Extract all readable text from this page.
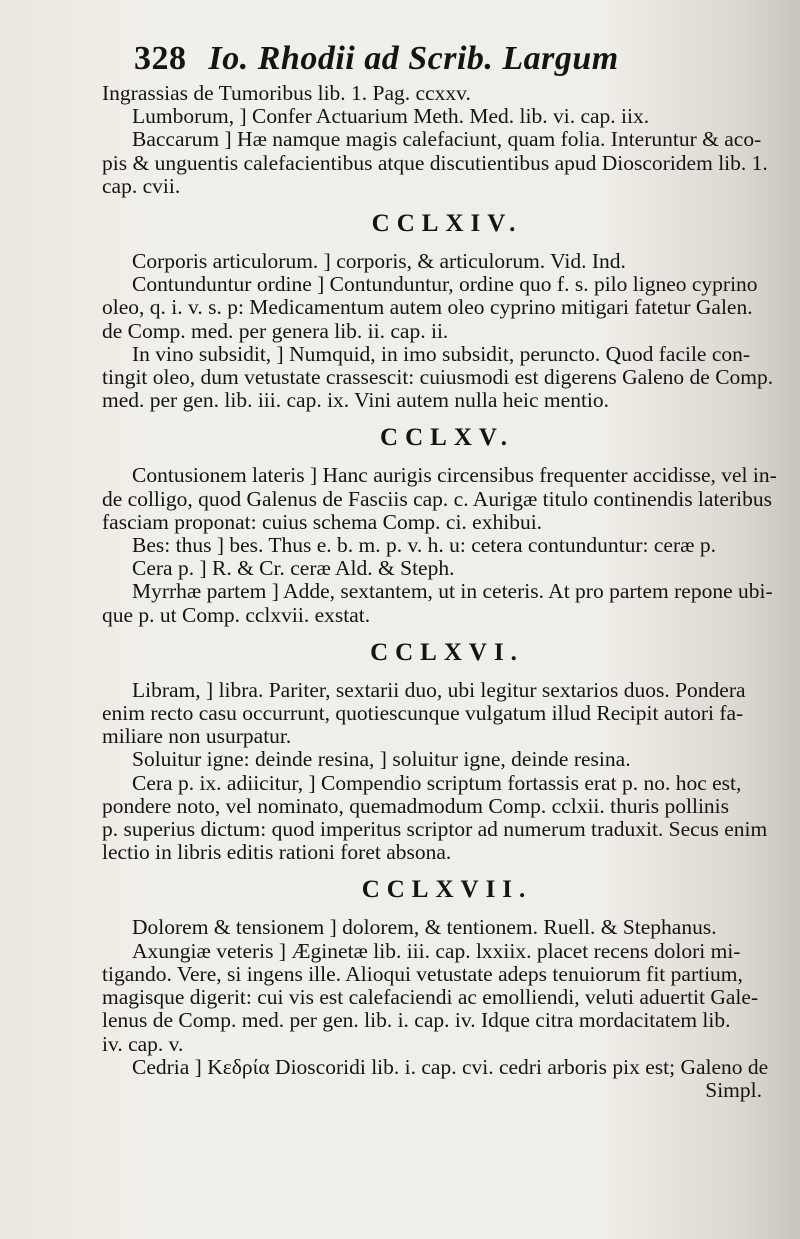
328 Io. Rhodii ad Scrib. Largum
Ingrassias de Tumoribus lib. 1. Pag. ccxxv.
Lumborum, ] Confer Actuarium Meth. Med. lib. vi. cap. iix.
Baccarum ] Hæ namque magis calefaciunt, quam folia. Interuntur & aco-
pis & unguentis calefacientibus atque discutientibus apud Dioscoridem lib. 1.
cap. cvii.
CCLXIV.
Corporis articulorum. ] corporis, & articulorum. Vid. Ind.
Contunduntur ordine ] Contunduntur, ordine quo f. s. pilo ligneo cyprino
oleo, q. i. v. s. p: Medicamentum autem oleo cyprino mitigari fatetur Galen.
de Comp. med. per genera lib. ii. cap. ii.
In vino subsidit, ] Numquid, in imo subsidit, perunctо. Quod facile con-
tingit oleo, dum vetustate crassescit: cuiusmodi est digerens Galeno de Comp.
med. per gen. lib. iii. cap. ix. Vini autem nulla heic mentio.
CCLXV.
Contusionem lateris ] Hanc aurigis circensibus frequenter accidisse, vel in-
de colligo, quod Galenus de Fasciis cap. c. Aurigæ titulo continendis lateribus
fasciam proponat: cuius schema Comp. ci. exhibui.
Bes: thus ] bes. Thus e. b. m. p. v. h. u: cetera contunduntur: ceræ p.
Cera p. ] R. & Cr. ceræ Ald. & Steph.
Myrrhæ partem ] Adde, sextantem, ut in ceteris. At pro partem repone ubi-
que p. ut Comp. cclxvii. exstat.
CCLXVI.
Libram, ] libra. Pariter, sextarii duo, ubi legitur sextarios duos. Pondera
enim recto casu occurrunt, quotiescunque vulgatum illud Recipit autori fa-
miliare non usurpatur.
Soluitur igne: deinde resina, ] soluitur igne, deinde resina.
Cera p. ix. adiicitur, ] Compendio scriptum fortassis erat p. no. hoc est,
pondere noto, vel nominato, quemadmodum Comp. cclxii. thuris pollinis
p. superius dictum: quod imperitus scriptor ad numerum traduxit. Secus enim
lectio in libris editis rationi foret absona.
CCLXVII.
Dolorem & tensionem ] dolorem, & tentionem. Ruell. & Stephanus.
Axungiæ veteris ] Æginetæ lib. iii. cap. lxxiix. placet recens dolori mi-
tigando. Vere, si ingens ille. Alioqui vetustate adeps tenuiorum fit partium,
magisque digerit: cui vis est calefaciendi ac emolliendi, veluti aduertit Gale-
lenus de Comp. med. per gen. lib. i. cap. iv. Idque citra mordacitatem lib.
iv. cap. v.
Cedria ] Κεδρία Dioscoridi lib. i. cap. cvi. cedri arboris pix est; Galeno de
Simpl.
